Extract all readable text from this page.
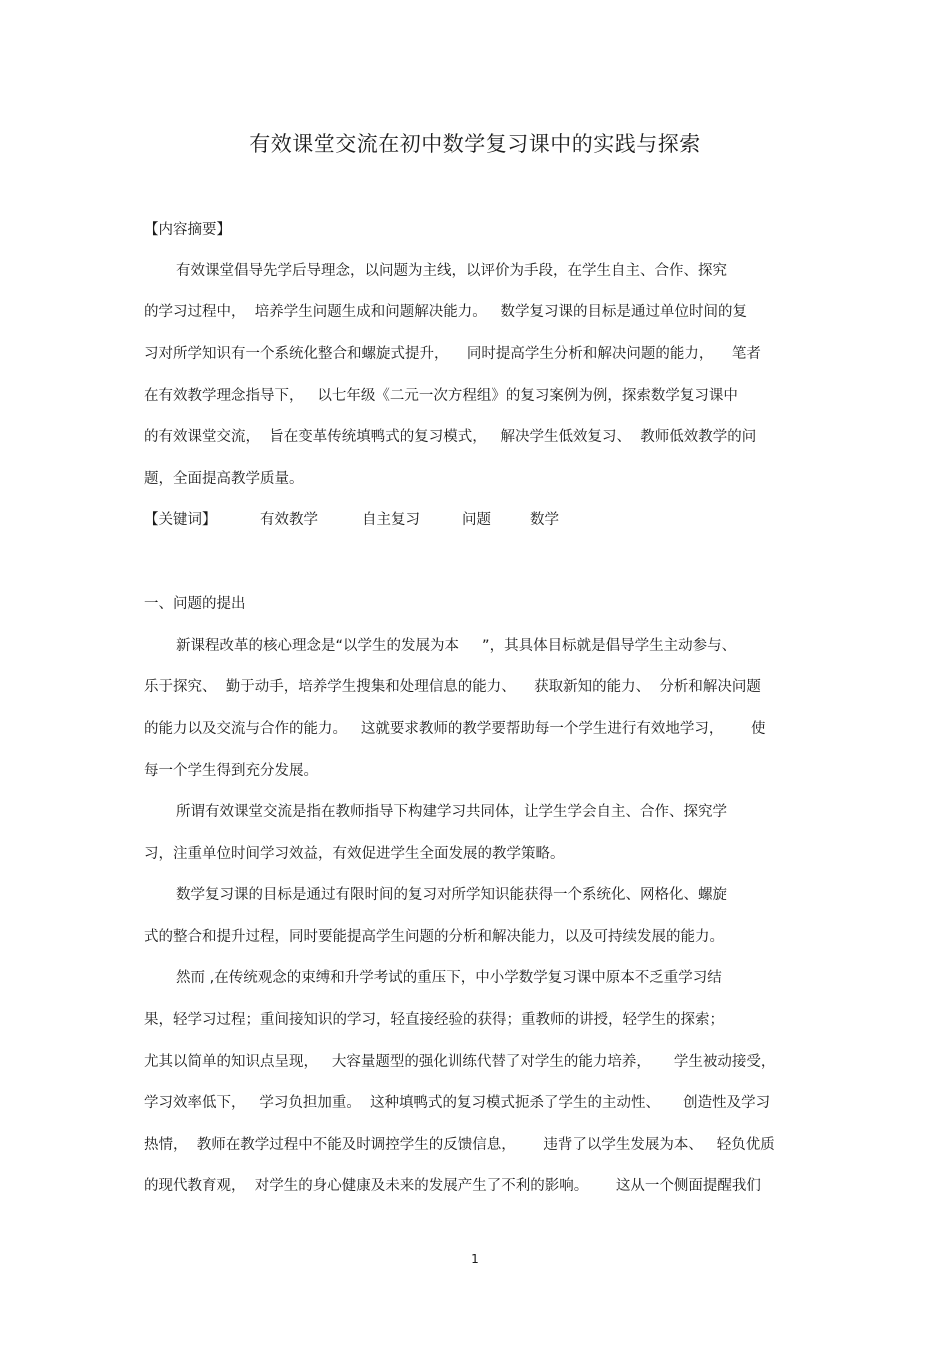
有效课堂交流在初中数学复习课中的实践与探索
【内容摘要】
有效课堂倡导先学后导理念，以问题为主线，以评价为手段，在学生自主、合作、探究
的学习过程中，  培养学生问题生成和问题解决能力。   数学复习课的目标是通过单位时间的复
习对所学知识有一个系统化整合和螺旋式提升，    同时提高学生分析和解决问题的能力，    笔者
在有效教学理念指导下，   以七年级《二元一次方程组》的复习案例为例，探索数学复习课中
的有效课堂交流，  旨在变革传统填鸭式的复习模式，   解决学生低效复习、  教师低效教学的问
题，全面提高教学质量。
【关键词】	有效教学	自主复习	问题	数学
一、问题的提出
新课程改革的核心理念是“以学生的发展为本     ”，其具体目标就是倡导学生主动参与、
乐于探究、  勤于动手，培养学生搜集和处理信息的能力、    获取新知的能力、  分析和解决问题
的能力以及交流与合作的能力。   这就要求教师的教学要帮助每一个学生进行有效地学习，      使
每一个学生得到充分发展。
所谓有效课堂交流是指在教师指导下构建学习共同体，让学生学会自主、合作、探究学
习，注重单位时间学习效益，有效促进学生全面发展的教学策略。
数学复习课的目标是通过有限时间的复习对所学知识能获得一个系统化、网格化、螺旋
式的整合和提升过程，同时要能提高学生问题的分析和解决能力，以及可持续发展的能力。
然而 ,在传统观念的束缚和升学考试的重压下，中小学数学复习课中原本不乏重学习结
果，轻学习过程；重间接知识的学习，轻直接经验的获得；重教师的讲授，轻学生的探索；
尤其以简单的知识点呈现，   大容量题型的强化训练代替了对学生的能力培养，     学生被动接受，
学习效率低下，   学习负担加重。  这种填鸭式的复习模式扼杀了学生的主动性、     创造性及学习
热情，  教师在教学过程中不能及时调控学生的反馈信息，      违背了以学生发展为本、   轻负优质
的现代教育观，  对学生的身心健康及未来的发展产生了不利的影响。      这从一个侧面提醒我们
1
